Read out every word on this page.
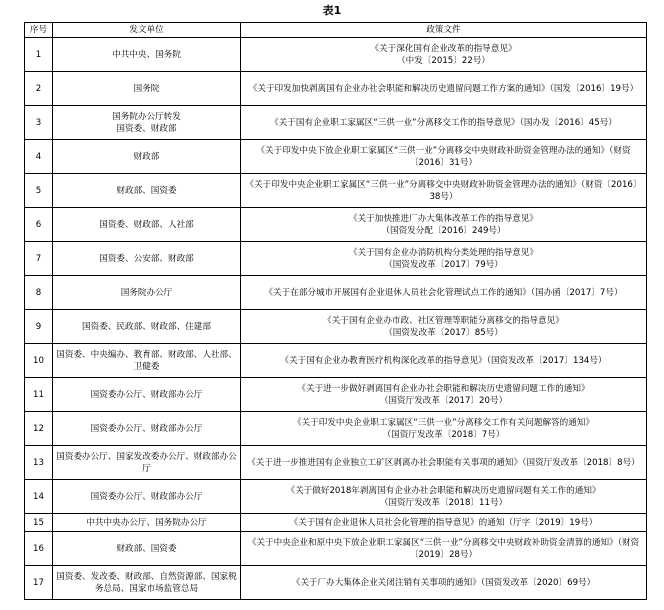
表1
序号	发文单位	政策文件
1	中共中央、国务院	《关于深化国有企业改革的指导意见》
（中发〔2015〕22号）
2	国务院	《关于印发加快剥离国有企业办社会职能和解决历史遗留问题工作方案的通知》（国发〔2016〕19号）
3	国务院办公厅转发
国资委、财政部	《关于国有企业职工家属区“三供一业”分离移交工作的指导意见》（国办发〔2016〕45号）
4	财政部	《关于印发中央下放企业职工家属区“三供一业”分离移交中央财政补助资金管理办法的通知》（财资〔2016〕31号）
5	财政部、国资委	《关于印发中央企业职工家属区“三供一业”分离移交中央财政补助资金管理办法的通知》（财资〔2016〕38号）
6	国资委、财政部、人社部	《关于加快推进厂办大集体改革工作的指导意见》
（国资发分配〔2016〕249号）
7	国资委、公安部、财政部	《关于国有企业办消防机构分类处理的指导意见》
（国资发改革〔2017〕79号）
8	国务院办公厅	《关于在部分城市开展国有企业退休人员社会化管理试点工作的通知》（国办函〔2017〕7号）
9	国资委、民政部、财政部、住建部	《关于国有企业办市政、社区管理等职能分离移交的指导意见》
（国资发改革〔2017〕85号）
10	国资委、中央编办、教育部、财政部、人社部、卫健委	《关于国有企业办教育医疗机构深化改革的指导意见》（国资发改革〔2017〕134号）
11	国资委办公厅、财政部办公厅	《关于进一步做好剥离国有企业办社会职能和解决历史遗留问题工作的通知》
（国资厅发改革〔2017〕20号）
12	国资委办公厅、财政部办公厅	《关于印发中央企业职工家属区“三供一业”分离移交工作有关问题解答的通知》
（国资厅发改革〔2018〕7号）
13	国资委办公厅、国家发改委办公厅、财政部办公厅	《关于进一步推进国有企业独立工矿区剥离办社会职能有关事项的通知》（国资厅发改革〔2018〕8号）
14	国资委办公厅、财政部办公厅	《关于做好2018年剥离国有企业办社会职能和解决历史遗留问题有关工作的通知》
（国资厅发改革〔2018〕11号）
15	中共中央办公厅、国务院办公厅	《关于国有企业退休人员社会化管理的指导意见》的通知（厅字〔2019〕19号）
16	财政部、国资委	《关于中央企业和原中央下放企业职工家属区“三供一业”分离移交中央财政补助资金清算的通知》（财资〔2019〕28号）
17	国资委、发改委、财政部、自然资源部、国家税务总局、国家市场监管总局	《关于厂办大集体企业关闭注销有关事项的通知》（国资发改革〔2020〕69号）
